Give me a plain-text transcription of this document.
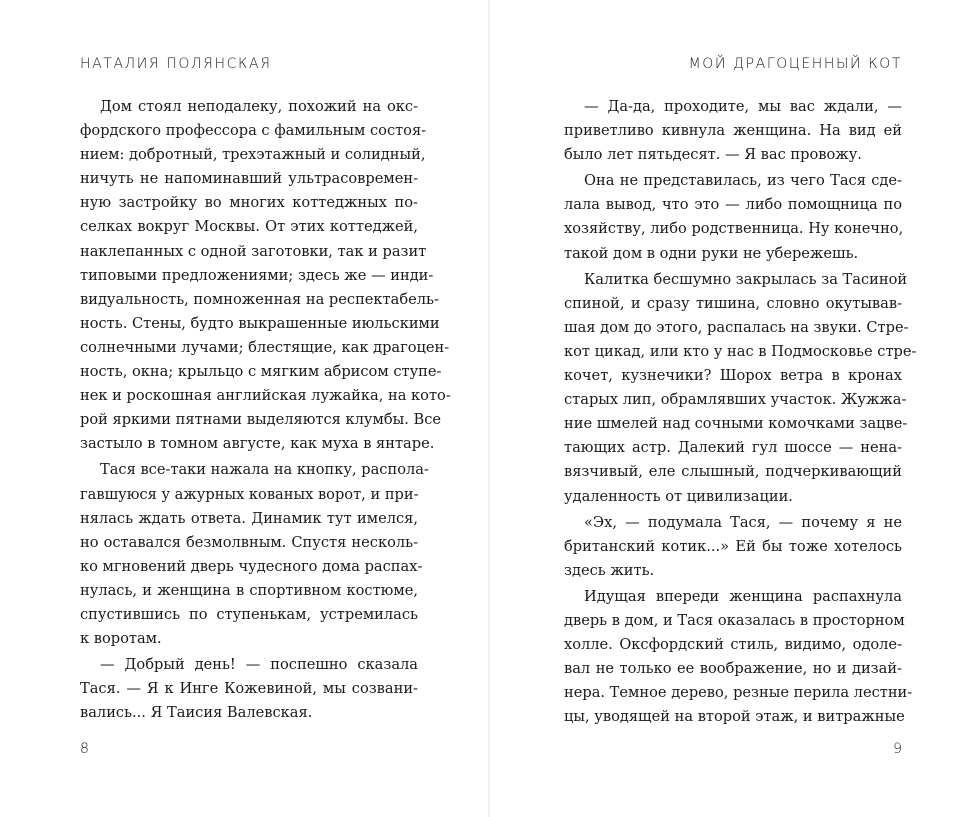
НАТАЛИЯ ПОЛЯНСКАЯ
Дом стоял неподалеку, похожий на окс-
фордского профессора с фамильным состоя-
нием: добротный, трехэтажный и солидный,
ничуть не напоминавший ультрасовремен-
ную застройку во многих коттеджных по-
селках вокруг Москвы. От этих коттеджей,
наклепанных с одной заготовки, так и разит
типовыми предложениями; здесь же — инди-
видуальность, помноженная на респектабель-
ность. Стены, будто выкрашенные июльскими
солнечными лучами; блестящие, как драгоцен-
ность, окна; крыльцо с мягким абрисом ступе-
нек и роскошная английская лужайка, на кото-
рой яркими пятнами выделяются клумбы. Все
застыло в томном августе, как муха в янтаре.
Тася все-таки нажала на кнопку, распола-
гавшуюся у ажурных кованых ворот, и при-
нялась ждать ответа. Динамик тут имелся,
но оставался безмолвным. Спустя несколь-
ко мгновений дверь чудесного дома распах-
нулась, и женщина в спортивном костюме,
спустившись по ступенькам, устремилась
к воротам.
— Добрый день! — поспешно сказала
Тася. — Я к Инге Кожевиной, мы созвани-
вались... Я Таисия Валевская.
8
МОЙ ДРАГОЦЕННЫЙ КОТ
— Да-да, проходите, мы вас ждали, —
приветливо кивнула женщина. На вид ей
было лет пятьдесят. — Я вас провожу.
Она не представилась, из чего Тася сде-
лала вывод, что это — либо помощница по
хозяйству, либо родственница. Ну конечно,
такой дом в одни руки не убережешь.
Калитка бесшумно закрылась за Тасиной
спиной, и сразу тишина, словно окутывав-
шая дом до этого, распалась на звуки. Стре-
кот цикад, или кто у нас в Подмосковье стре-
кочет, кузнечики? Шорох ветра в кронах
старых лип, обрамлявших участок. Жужжа-
ние шмелей над сочными комочками зацве-
тающих астр. Далекий гул шоссе — нена-
вязчивый, еле слышный, подчеркивающий
удаленность от цивилизации.
«Эх, — подумала Тася, — почему я не
британский котик...» Ей бы тоже хотелось
здесь жить.
Идущая впереди женщина распахнула
дверь в дом, и Тася оказалась в просторном
холле. Оксфордский стиль, видимо, одоле-
вал не только ее воображение, но и дизай-
нера. Темное дерево, резные перила лестни-
цы, уводящей на второй этаж, и витражные
9
